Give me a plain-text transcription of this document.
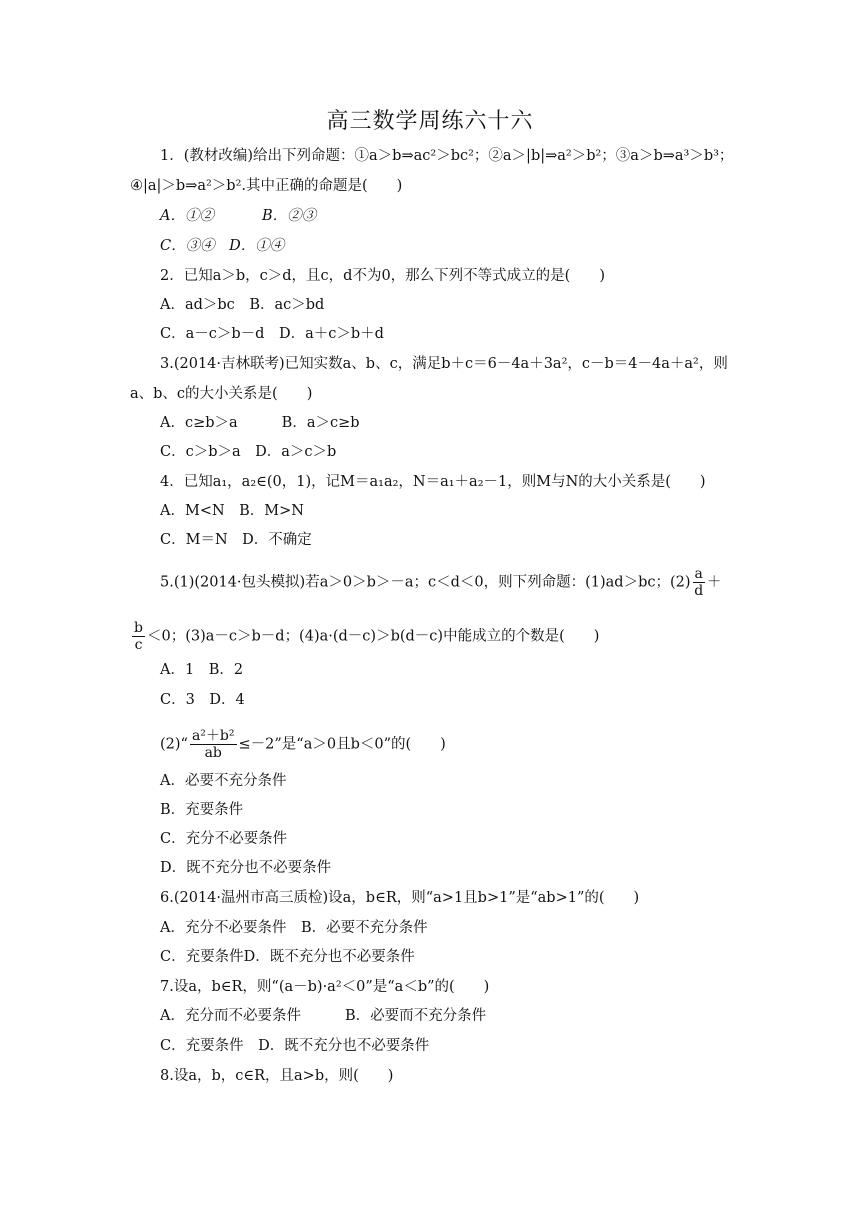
高三数学周练六十六
1．(教材改编)给出下列命题：①a＞b⇒ac²＞bc²；②a＞|b|⇒a²＞b²；③a＞b⇒a³＞b³；
④|a|＞b⇒a²＞b².其中正确的命题是(　　)
A．①②	B．②③
C．③④　 D．①④
2．已知a＞b，c＞d，且c，d不为0，那么下列不等式成立的是(　　)
A．ad＞bc　 B．ac＞bd
C．a－c＞b－d　 D．a＋c＞b＋d
3.(2014·吉林联考)已知实数a、b、c，满足b＋c＝6－4a＋3a²，c－b＝4－4a＋a²，则
a、b、c的大小关系是(　　)
A．c≥b＞a	B．a＞c≥b
C．c＞b＞a　 D．a＞c＞b
4．已知a₁，a₂∈(0，1)，记M＝a₁a₂，N＝a₁＋a₂－1，则M与N的大小关系是(　　)
A．M<N　 B．M>N
C．M＝N　 D．不确定
5.(1)(2014·包头模拟)若a＞0＞b＞－a；c＜d＜0，则下列命题：(1)ad＞bc；$(2) \frac{a}{d}$ ＋
$\frac{b}{c} <0$；(3)a－c＞b－d；(4)a·(d－c)＞b(d－c)中能成立的个数是(　　)
A．1　 B．2
C．3　 D．4
(2)“ $\frac{\text{a²＋b²}}{ab} \le-2$”是“a＞0且b＜0”的(　　)
A．必要不充分条件
B．充要条件
C．充分不必要条件
D．既不充分也不必要条件
6.(2014·温州市高三质检)设a，b∈R，则“a>1且b>1”是“ab>1”的(　　)
A．充分不必要条件　 B．必要不充分条件
C．充要条件D．既不充分也不必要条件
7.设a，b∈R，则“(a－b)·a²＜0”是“a＜b”的(　　)
A．充分而不必要条件	B．必要而不充分条件
C．充要条件　 D．既不充分也不必要条件
8.设a，b，c∈R，且a>b，则(　　)
